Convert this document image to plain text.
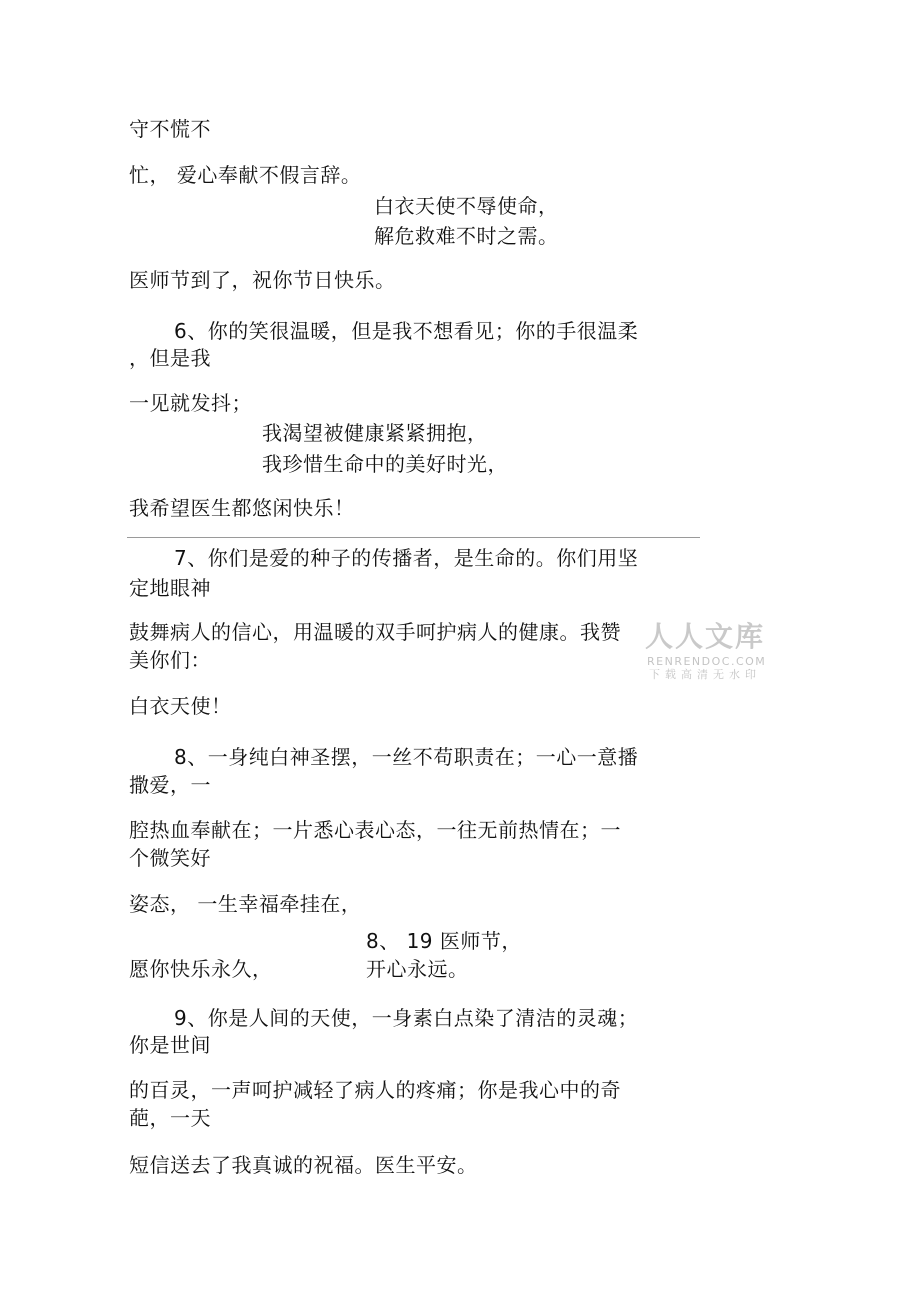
守不慌不
忙， 爱心奉献不假言辞。
白衣天使不辱使命，
解危救难不时之需。
医师节到了，祝你节日快乐。
6、你的笑很温暖，但是我不想看见；你的手很温柔
，但是我
一见就发抖；
我渴望被健康紧紧拥抱，
我珍惜生命中的美好时光，
我希望医生都悠闲快乐！
7、你们是爱的种子的传播者，是生命的。你们用坚
定地眼神
鼓舞病人的信心，用温暖的双手呵护病人的健康。我赞
美你们：
白衣天使！
8、一身纯白神圣摆，一丝不苟职责在；一心一意播
撒爱，一
腔热血奉献在；一片悉心表心态，一往无前热情在；一
个微笑好
姿态， 一生幸福牵挂在，
8、 19 医师节，
愿你快乐永久，	开心永远。
9、你是人间的天使，一身素白点染了清洁的灵魂；
你是世间
的百灵，一声呵护减轻了病人的疼痛；你是我心中的奇
葩，一天
短信送去了我真诚的祝福。医生平安。
人人文库
RENRENDOC.COM
下载高清无水印
